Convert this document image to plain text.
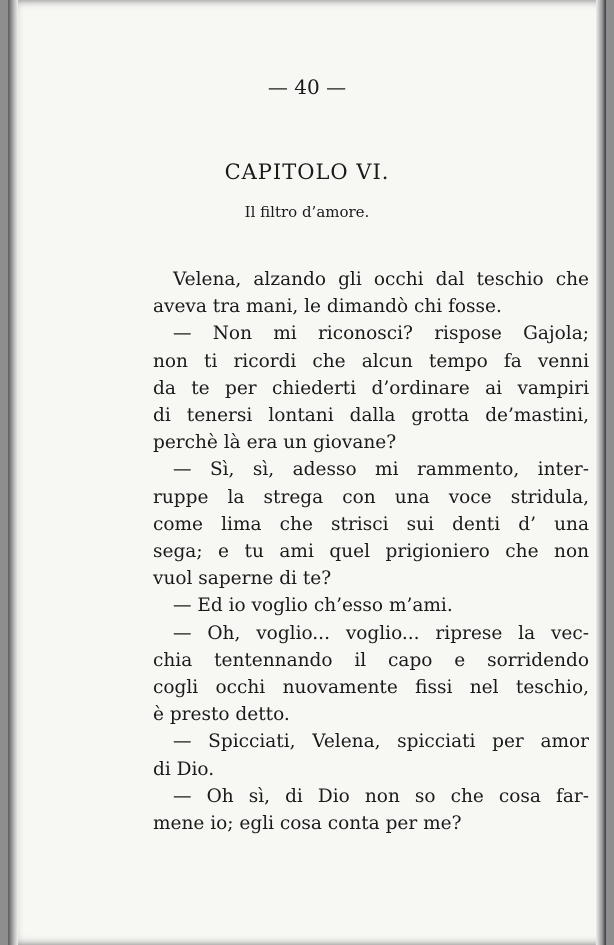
— 40 —
CAPITOLO VI.
Il filtro d’amore.
Velena, alzando gli occhi dal teschio che
aveva tra mani, le dimandò chi fosse.
— Non mi riconosci? rispose Gajola;
non ti ricordi che alcun tempo fa venni
da te per chiederti d’ordinare ai vampiri
di tenersi lontani dalla grotta de’mastini,
perchè là era un giovane?
— Sì, sì, adesso mi rammento, inter-
ruppe la strega con una voce stridula,
come lima che strisci sui denti d’ una
sega; e tu ami quel prigioniero che non
vuol saperne di te?
— Ed io voglio ch’esso m’ami.
— Oh, voglio... voglio... riprese la vec-
chia tentennando il capo e sorridendo
cogli occhi nuovamente fissi nel teschio,
è presto detto.
— Spicciati, Velena, spicciati per amor
di Dio.
— Oh sì, di Dio non so che cosa far-
mene io; egli cosa conta per me?
